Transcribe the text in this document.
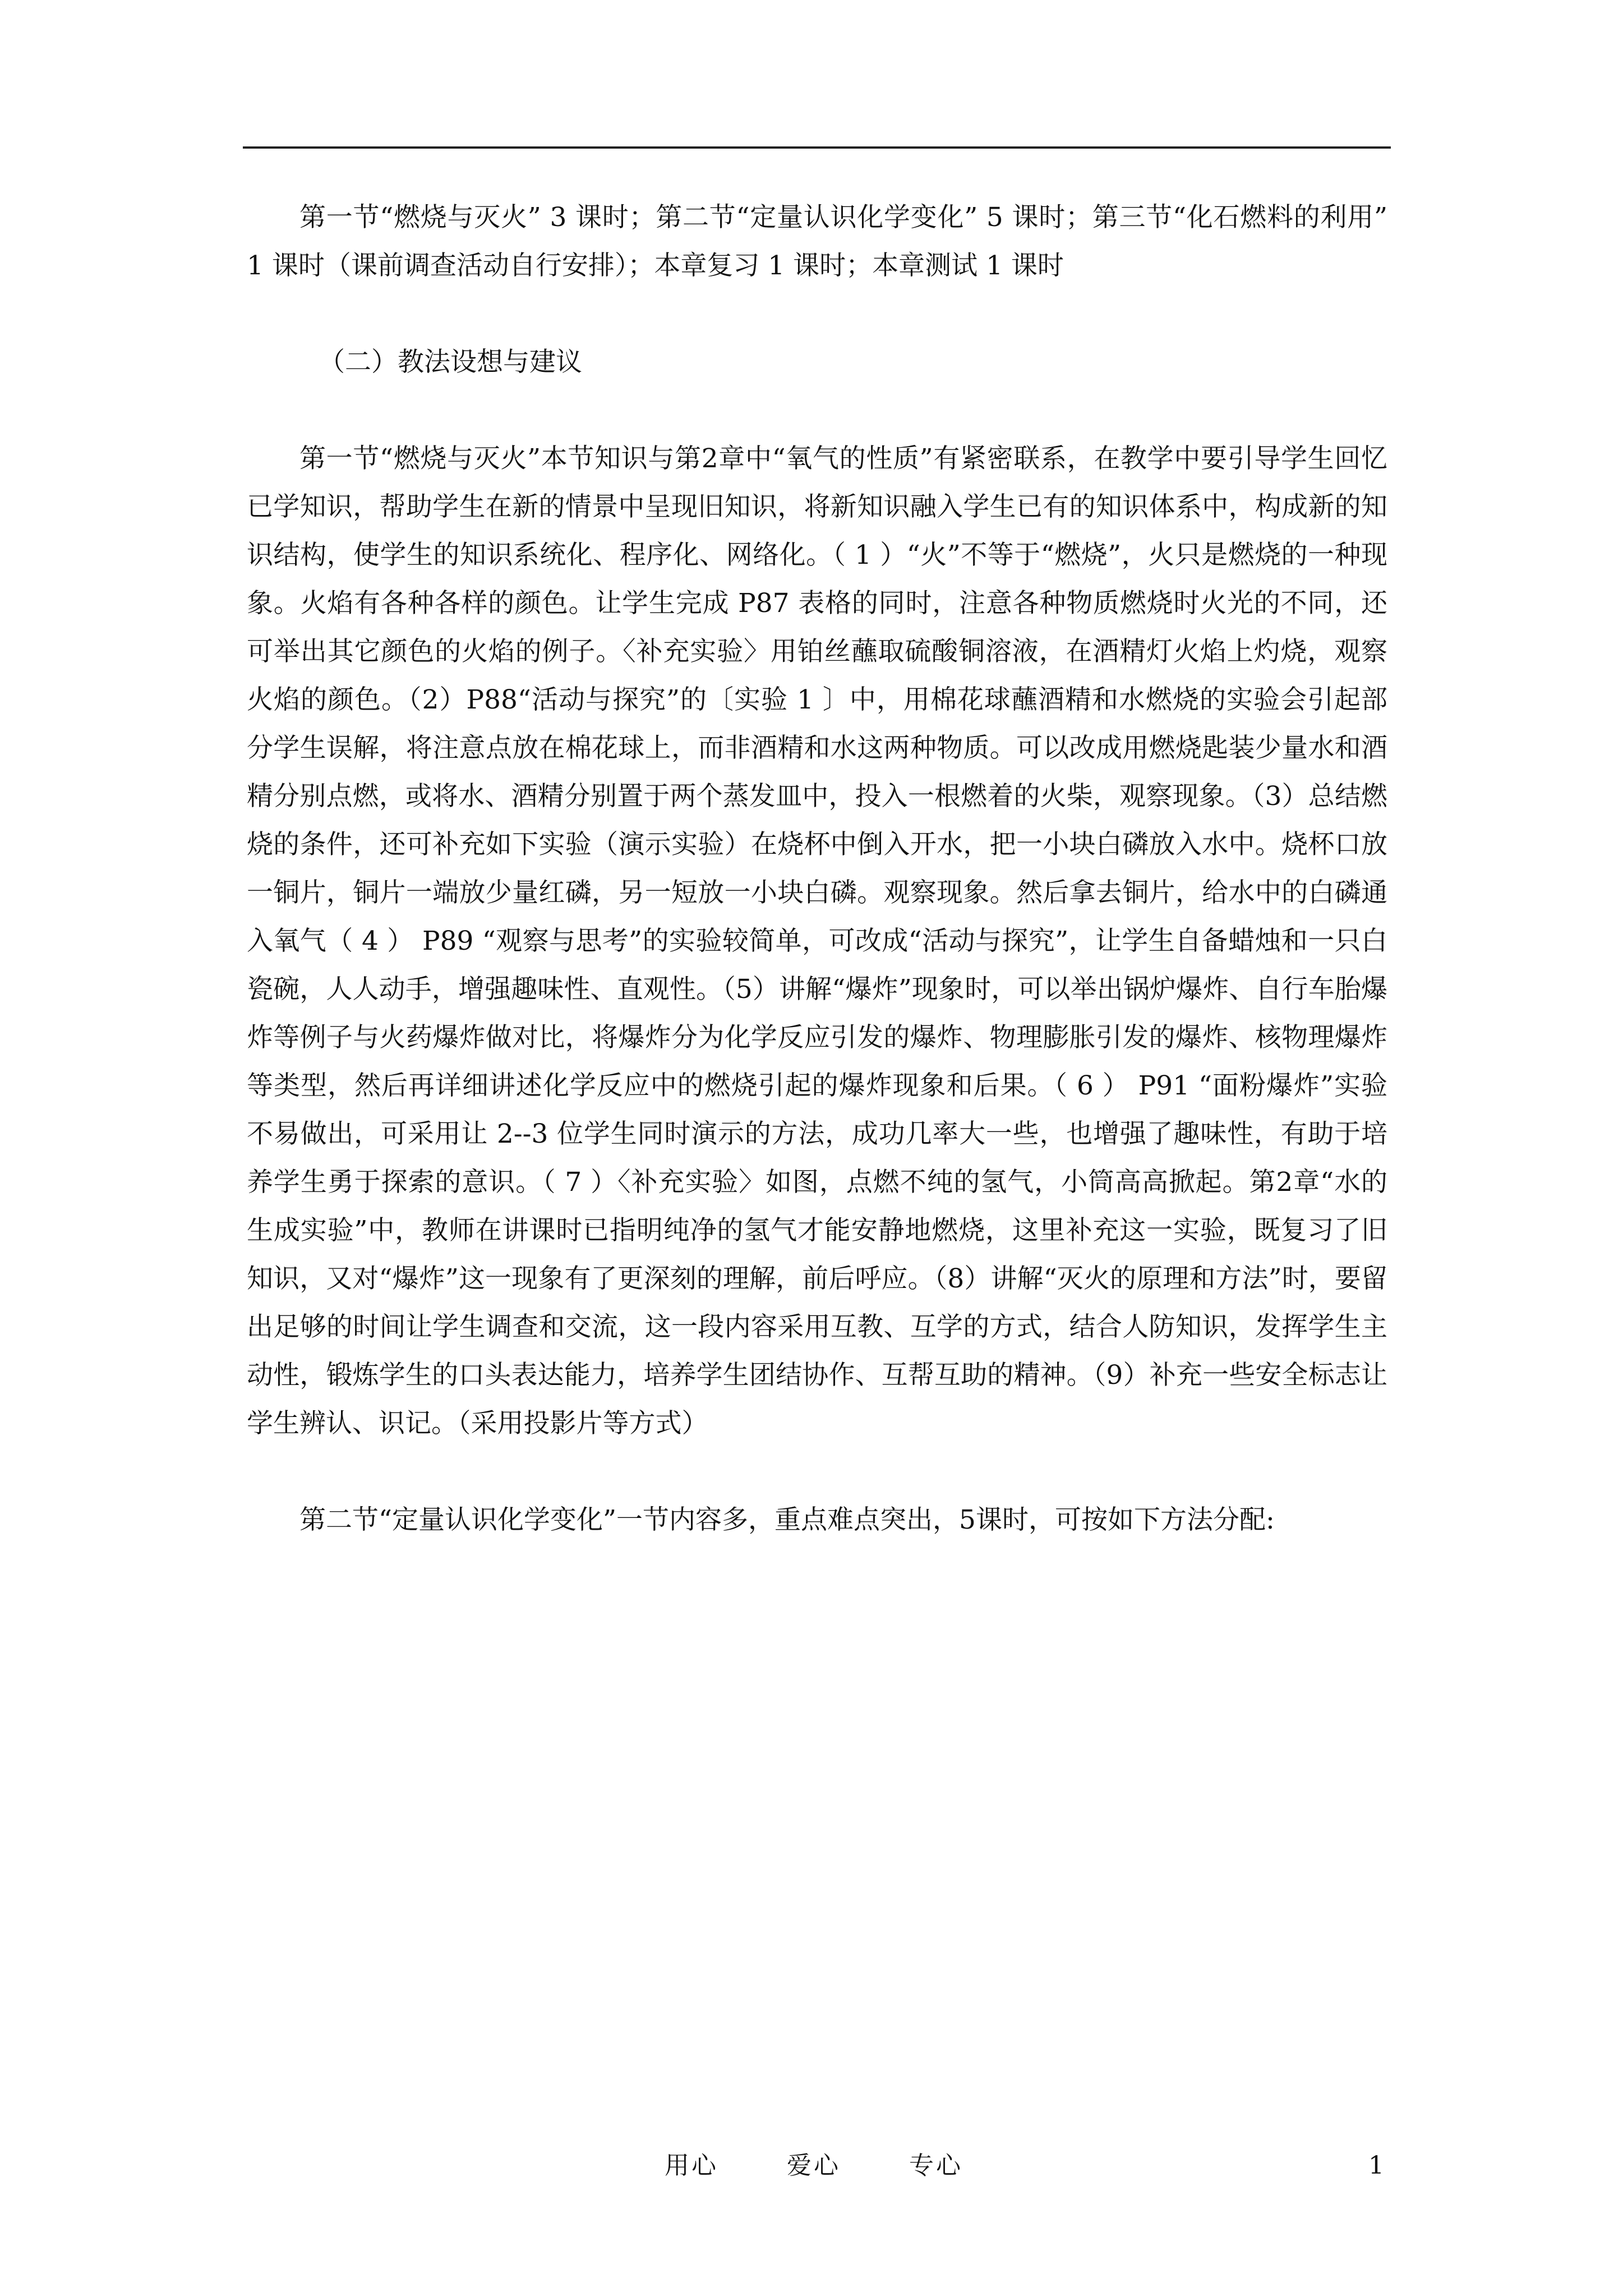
第一节“燃烧与灭火” 3 课时；第二节“定量认识化学变化” 5 课时；第三节“化石燃料的利用” 1 课时（课前调查活动自行安排）；本章复习 1 课时；本章测试 1 课时

（二）教法设想与建议

第一节“燃烧与灭火”本节知识与第2章中“氧气的性质”有紧密联系，在教学中要引导学生回忆已学知识，帮助学生在新的情景中呈现旧知识，将新知识融入学生已有的知识体系中，构成新的知识结构，使学生的知识系统化、程序化、网络化。（ 1 ）“火”不等于“燃烧”，火只是燃烧的一种现象。火焰有各种各样的颜色。让学生完成 P87 表格的同时，注意各种物质燃烧时火光的不同，还可举出其它颜色的火焰的例子。〈补充实验〉用铂丝蘸取硫酸铜溶液，在酒精灯火焰上灼烧，观察火焰的颜色。（2）P88“活动与探究”的〔实验 1 〕中，用棉花球蘸酒精和水燃烧的实验会引起部分学生误解，将注意点放在棉花球上，而非酒精和水这两种物质。可以改成用燃烧匙装少量水和酒精分别点燃，或将水、酒精分别置于两个蒸发皿中，投入一根燃着的火柴，观察现象。（3）总结燃烧的条件，还可补充如下实验（演示实验）在烧杯中倒入开水，把一小块白磷放入水中。烧杯口放一铜片，铜片一端放少量红磷，另一短放一小块白磷。观察现象。然后拿去铜片，给水中的白磷通入氧气（ 4 ） P89 “观察与思考”的实验较简单，可改成“活动与探究”，让学生自备蜡烛和一只白瓷碗，人人动手，增强趣味性、直观性。（5）讲解“爆炸”现象时，可以举出锅炉爆炸、自行车胎爆炸等例子与火药爆炸做对比，将爆炸分为化学反应引发的爆炸、物理膨胀引发的爆炸、核物理爆炸等类型，然后再详细讲述化学反应中的燃烧引起的爆炸现象和后果。（ 6 ） P91 “面粉爆炸”实验不易做出，可采用让 2--3 位学生同时演示的方法，成功几率大一些，也增强了趣味性，有助于培养学生勇于探索的意识。（ 7 ）〈补充实验〉如图，点燃不纯的氢气，小筒高高掀起。第2章“水的生成实验”中，教师在讲课时已指明纯净的氢气才能安静地燃烧，这里补充这一实验，既复习了旧知识，又对“爆炸”这一现象有了更深刻的理解，前后呼应。（8）讲解“灭火的原理和方法”时，要留出足够的时间让学生调查和交流，这一段内容采用互教、互学的方式，结合人防知识，发挥学生主动性，锻炼学生的口头表达能力，培养学生团结协作、互帮互助的精神。（9）补充一些安全标志让学生辨认、识记。（采用投影片等方式）

第二节“定量认识化学变化”一节内容多，重点难点突出，5课时，可按如下方法分配:

用心	爱心	专心	1
